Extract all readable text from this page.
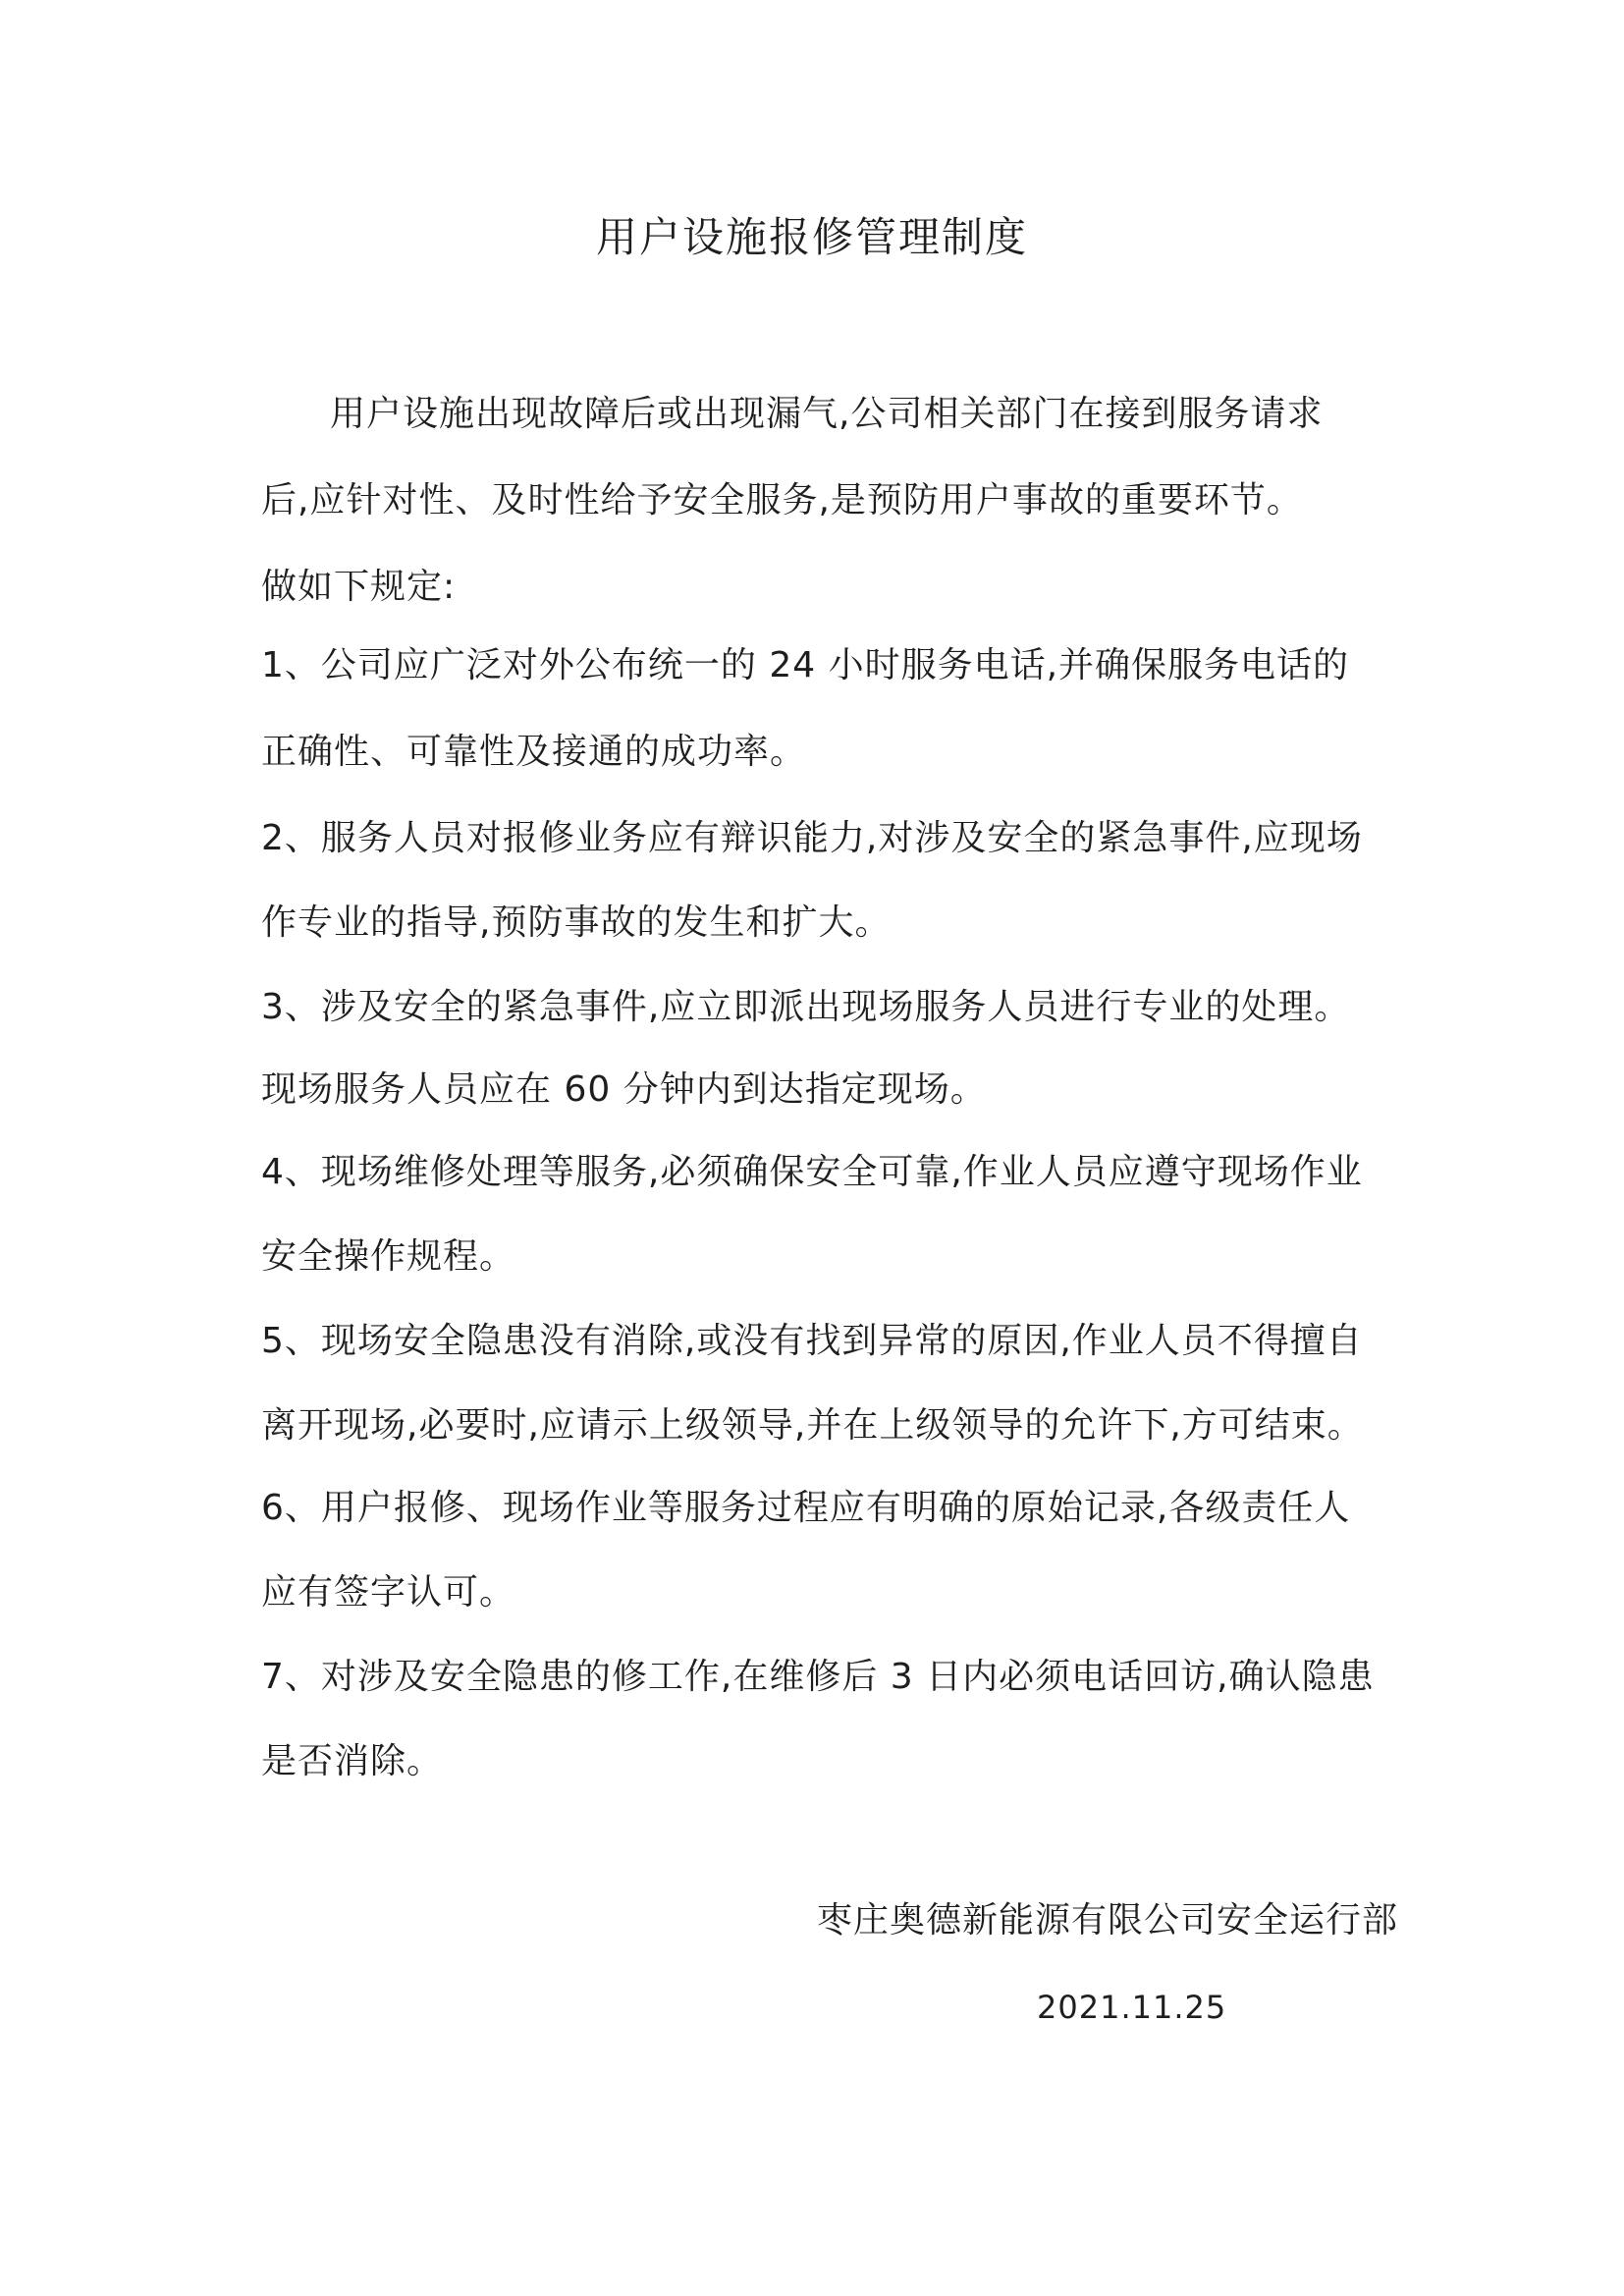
用户设施报修管理制度

用户设施出现故障后或出现漏气,公司相关部门在接到服务请求

后,应针对性、及时性给予安全服务,是预防用户事故的重要环节。

做如下规定:

1、公司应广泛对外公布统一的 24 小时服务电话,并确保服务电话的

正确性、可靠性及接通的成功率。

2、服务人员对报修业务应有辩识能力,对涉及安全的紧急事件,应现场

作专业的指导,预防事故的发生和扩大。

3、涉及安全的紧急事件,应立即派出现场服务人员进行专业的处理。

现场服务人员应在 60 分钟内到达指定现场。

4、现场维修处理等服务,必须确保安全可靠,作业人员应遵守现场作业

安全操作规程。

5、现场安全隐患没有消除,或没有找到异常的原因,作业人员不得擅自

离开现场,必要时,应请示上级领导,并在上级领导的允许下,方可结束。

6、用户报修、现场作业等服务过程应有明确的原始记录,各级责任人

应有签字认可。

7、对涉及安全隐患的修工作,在维修后 3 日内必须电话回访,确认隐患

是否消除。

枣庄奥德新能源有限公司安全运行部
2021.11.25
